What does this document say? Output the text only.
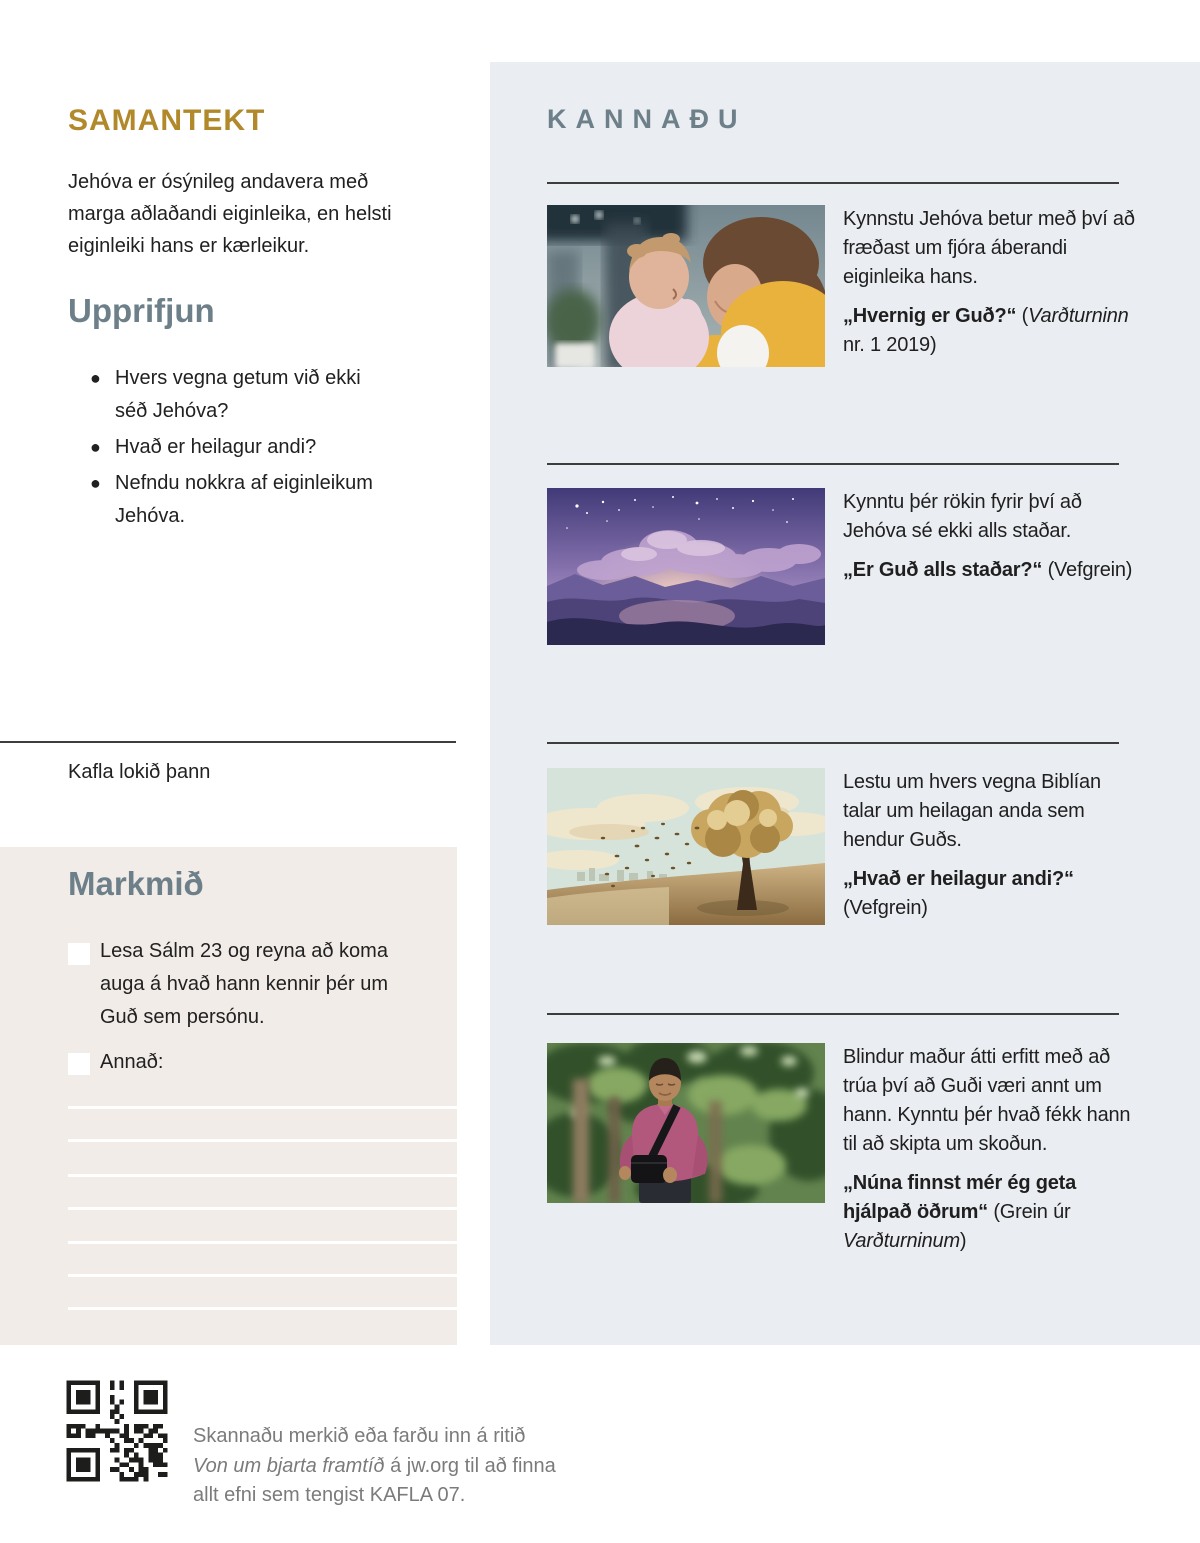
SAMANTEKT

Jehóva er ósýnileg andavera með marga aðlaðandi eiginleika, en helsti eiginleiki hans er kærleikur.

Upprifjun
● Hvers vegna getum við ekki séð Jehóva?
● Hvað er heilagur andi?
● Nefndu nokkra af eiginleikum Jehóva.

Kafla lokið þann

Markmið

Lesa Sálm 23 og reyna að koma auga á hvað hann kennir þér um Guð sem persónu.

Annað:

KANNAÐU

Kynnstu Jehóva betur með því að fræðast um fjóra áberandi eiginleika hans.

„Hvernig er Guð?“ (Varðturninn nr. 1 2019)

Kynntu þér rökin fyrir því að Jehóva sé ekki alls staðar.

„Er Guð alls staðar?“ (Vefgrein)

Lestu um hvers vegna Biblían talar um heilagan anda sem hendur Guðs.

„Hvað er heilagur andi?“ (Vefgrein)

Blindur maður átti erfitt með að trúa því að Guði væri annt um hann. Kynntu þér hvað fékk hann til að skipta um skoðun.

„Núna finnst mér ég geta hjálpað öðrum“ (Grein úr Varðturninum)

Skannaðu merkið eða farðu inn á ritið Von um bjarta framtíð á jw.org til að finna allt efni sem tengist KAFLA 07.
